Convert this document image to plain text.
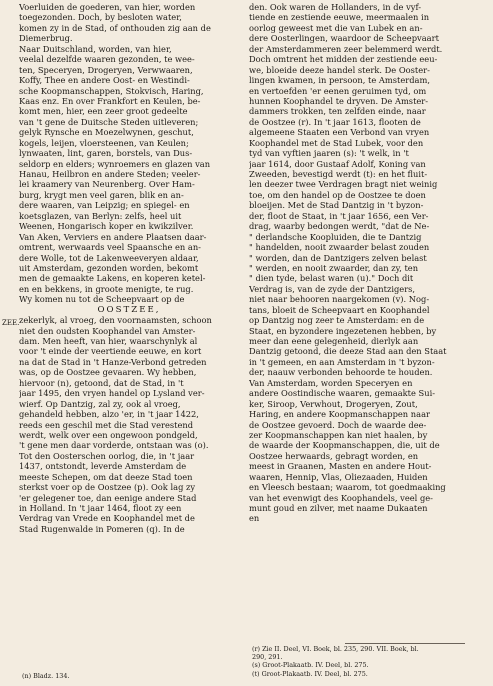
Voerluiden de goederen, van hier, worden
toegezonden. Doch, by besloten water,
komen zy in de Stad, of onthouden zig aan de
Diemerbrug.
Naar Duitschland, worden, van hier,
veelal dezelfde waaren gezonden, te wee-
ten, Speceryen, Drogeryen, Verwwaaren,
Koffy, Thee en andere Oost- en Westindi-
sche Koopmanschappen, Stokvisch, Haring,
Kaas enz. En over Frankfort en Keulen, be-
komt men, hier, een zeer groot gedeelte
van 't gene de Duitsche Steden uitleveren;
gelyk Rynsche en Moezelwynen, geschut,
kogels, leijen, vloersteenen, van Keulen;
lynwaaten, lint, garen, borstels, van Dus-
seldorp en elders; wynroemers en glazen van
Hanau, Heilbron en andere Steden; veeler-
lei kraamery van Neurenberg. Over Ham-
burg, krygt men veel garen, blik en an-
dere waaren, van Leipzig; en spiegel- en
koetsglazen, van Berlyn: zelfs, heel uit
Weenen, Hongarisch koper en kwikzilver.
Van Aken, Verviers en andere Plaatsen daar-
omtrent, werwaards veel Spaansche en an-
dere Wolle, tot de Lakenweeveryen aldaar,
uit Amsterdam, gezonden worden, bekomt
men de gemaakte Lakens, en koperen ketel-
en en bekkens, in groote menigte, te rug.
Wy komen nu tot de Scheepvaart op de
OOSTZEE,
zekerlyk, al vroeg, den voornaamsten, schoon
niet den oudsten Koophandel van Amster-
dam. Men heeft, van hier, waarschynlyk al
voor 't einde der veertiende eeuwe, en kort
na dat de Stad in 't Hanze-Verbond getreden
was, op de Oostzee gevaaren. Wy hebben,
hiervoor (n), getoond, dat de Stad, in 't
jaar 1495, den vryen handel op Lysland ver-
wierf. Op Dantzig, zal zy, ook al vroeg,
gehandeld hebben, alzo 'er, in 't jaar 1422,
reeds een geschil met die Stad verestend
werdt, welk over een ongewoon pondgeld,
't gene men daar vorderde, ontstaan was (o).
Tot den Oosterschen oorlog, die, in 't jaar
1437, ontstondt, leverde Amsterdam de
meeste Schepen, om dat deeze Stad toen
sterkst voer op de Oostzee (p). Ook lag zy
'er gelegener toe, dan eenige andere Stad
in Holland. In 't jaar 1464, floot zy een
Verdrag van Vrede en Koophandel met de
Stad Rugenwalde in Pomeren (q). In de
ZEE.
den. Ook waren de Hollanders, in de vyf-
tiende en zestiende eeuwe, meermaalen in
oorlog geweest met die van Lubek en an-
dere Oosterlingen, waardoor de Scheepvaart
der Amsterdammeren zeer belemmerd werdt.
Doch omtrent het midden der zestiende eeu-
we, bloeide deeze handel sterk. De Ooster-
lingen kwamen, in persoon, te Amsterdam,
en vertoefden 'er eenen geruimen tyd, om
hunnen Koophandel te dryven. De Amster-
dammers trokken, ten zelfden einde, naar
de Oostzee (r). In 't jaar 1613, flooten de
algemeene Staaten een Verbond van vryen
Koophandel met de Stad Lubek, voor den
tyd van vyftien jaaren (s): 't welk, in 't
jaar 1614, door Gustaaf Adolf, Koning van
Zweeden, bevestigd werdt (t): en het fluit-
len deezer twee Verdragen bragt niet weinig
toe, om den handel op de Oostzee te doen
bloeijen. Met de Stad Dantzig in 't byzon-
der, floot de Staat, in 't jaar 1656, een Ver-
drag, waarby bedongen werdt, "dat de Ne-
" derlandsche Koopluiden, die te Dantzig
" handelden, nooit zwaarder belast zouden
" worden, dan de Dantzigers zelven belast
" werden, en nooit zwaarder, dan zy, ten
" dien tyde, belast waren (u)." Doch dit
Verdrag is, van de zyde der Dantzigers,
niet naar behooren naargekomen (v). Nog-
tans, bloeit de Scheepvaart en Koophandel
op Dantzig nog zeer te Amsterdam: en de
Staat, en byzondere ingezetenen hebben, by
meer dan eene gelegenheid, dierlyk aan
Dantzig getoond, die deeze Stad aan den Staat
in 't gemeen, en aan Amsterdam in 't byzon-
der, naauw verbonden behoorde te houden.
Van Amsterdam, worden Speceryen en
andere Oostindische waaren, gemaakte Sui-
ker, Siroop, Verwhout, Drogeryen, Zout,
Haring, en andere Koopmanschappen naar
de Oostzee gevoerd. Doch de waarde dee-
zer Koopmanschappen kan niet haalen, by
de waarde der Koopmanschappen, die, uit de
Oostzee herwaards, gebragt worden, en
meest in Graanen, Masten en andere Hout-
waaren, Hennip, Vlas, Oliezaaden, Huiden
en Vleesch bestaan; waarom, tot goedmaaking
van het evenwigt des Koophandels, veel ge-
munt goud en zilver, met naame Dukaaten
en
(r) Zie II. Deel, VI. Boek, bl. 235, 290. VII. Boek, bl.
290, 291.
(s) Groot-Plakaatb. IV. Deel, bl. 275.
(t) Groot-Plakaatb. IV. Deel, bl. 275.
(n) Bladz. 134.
